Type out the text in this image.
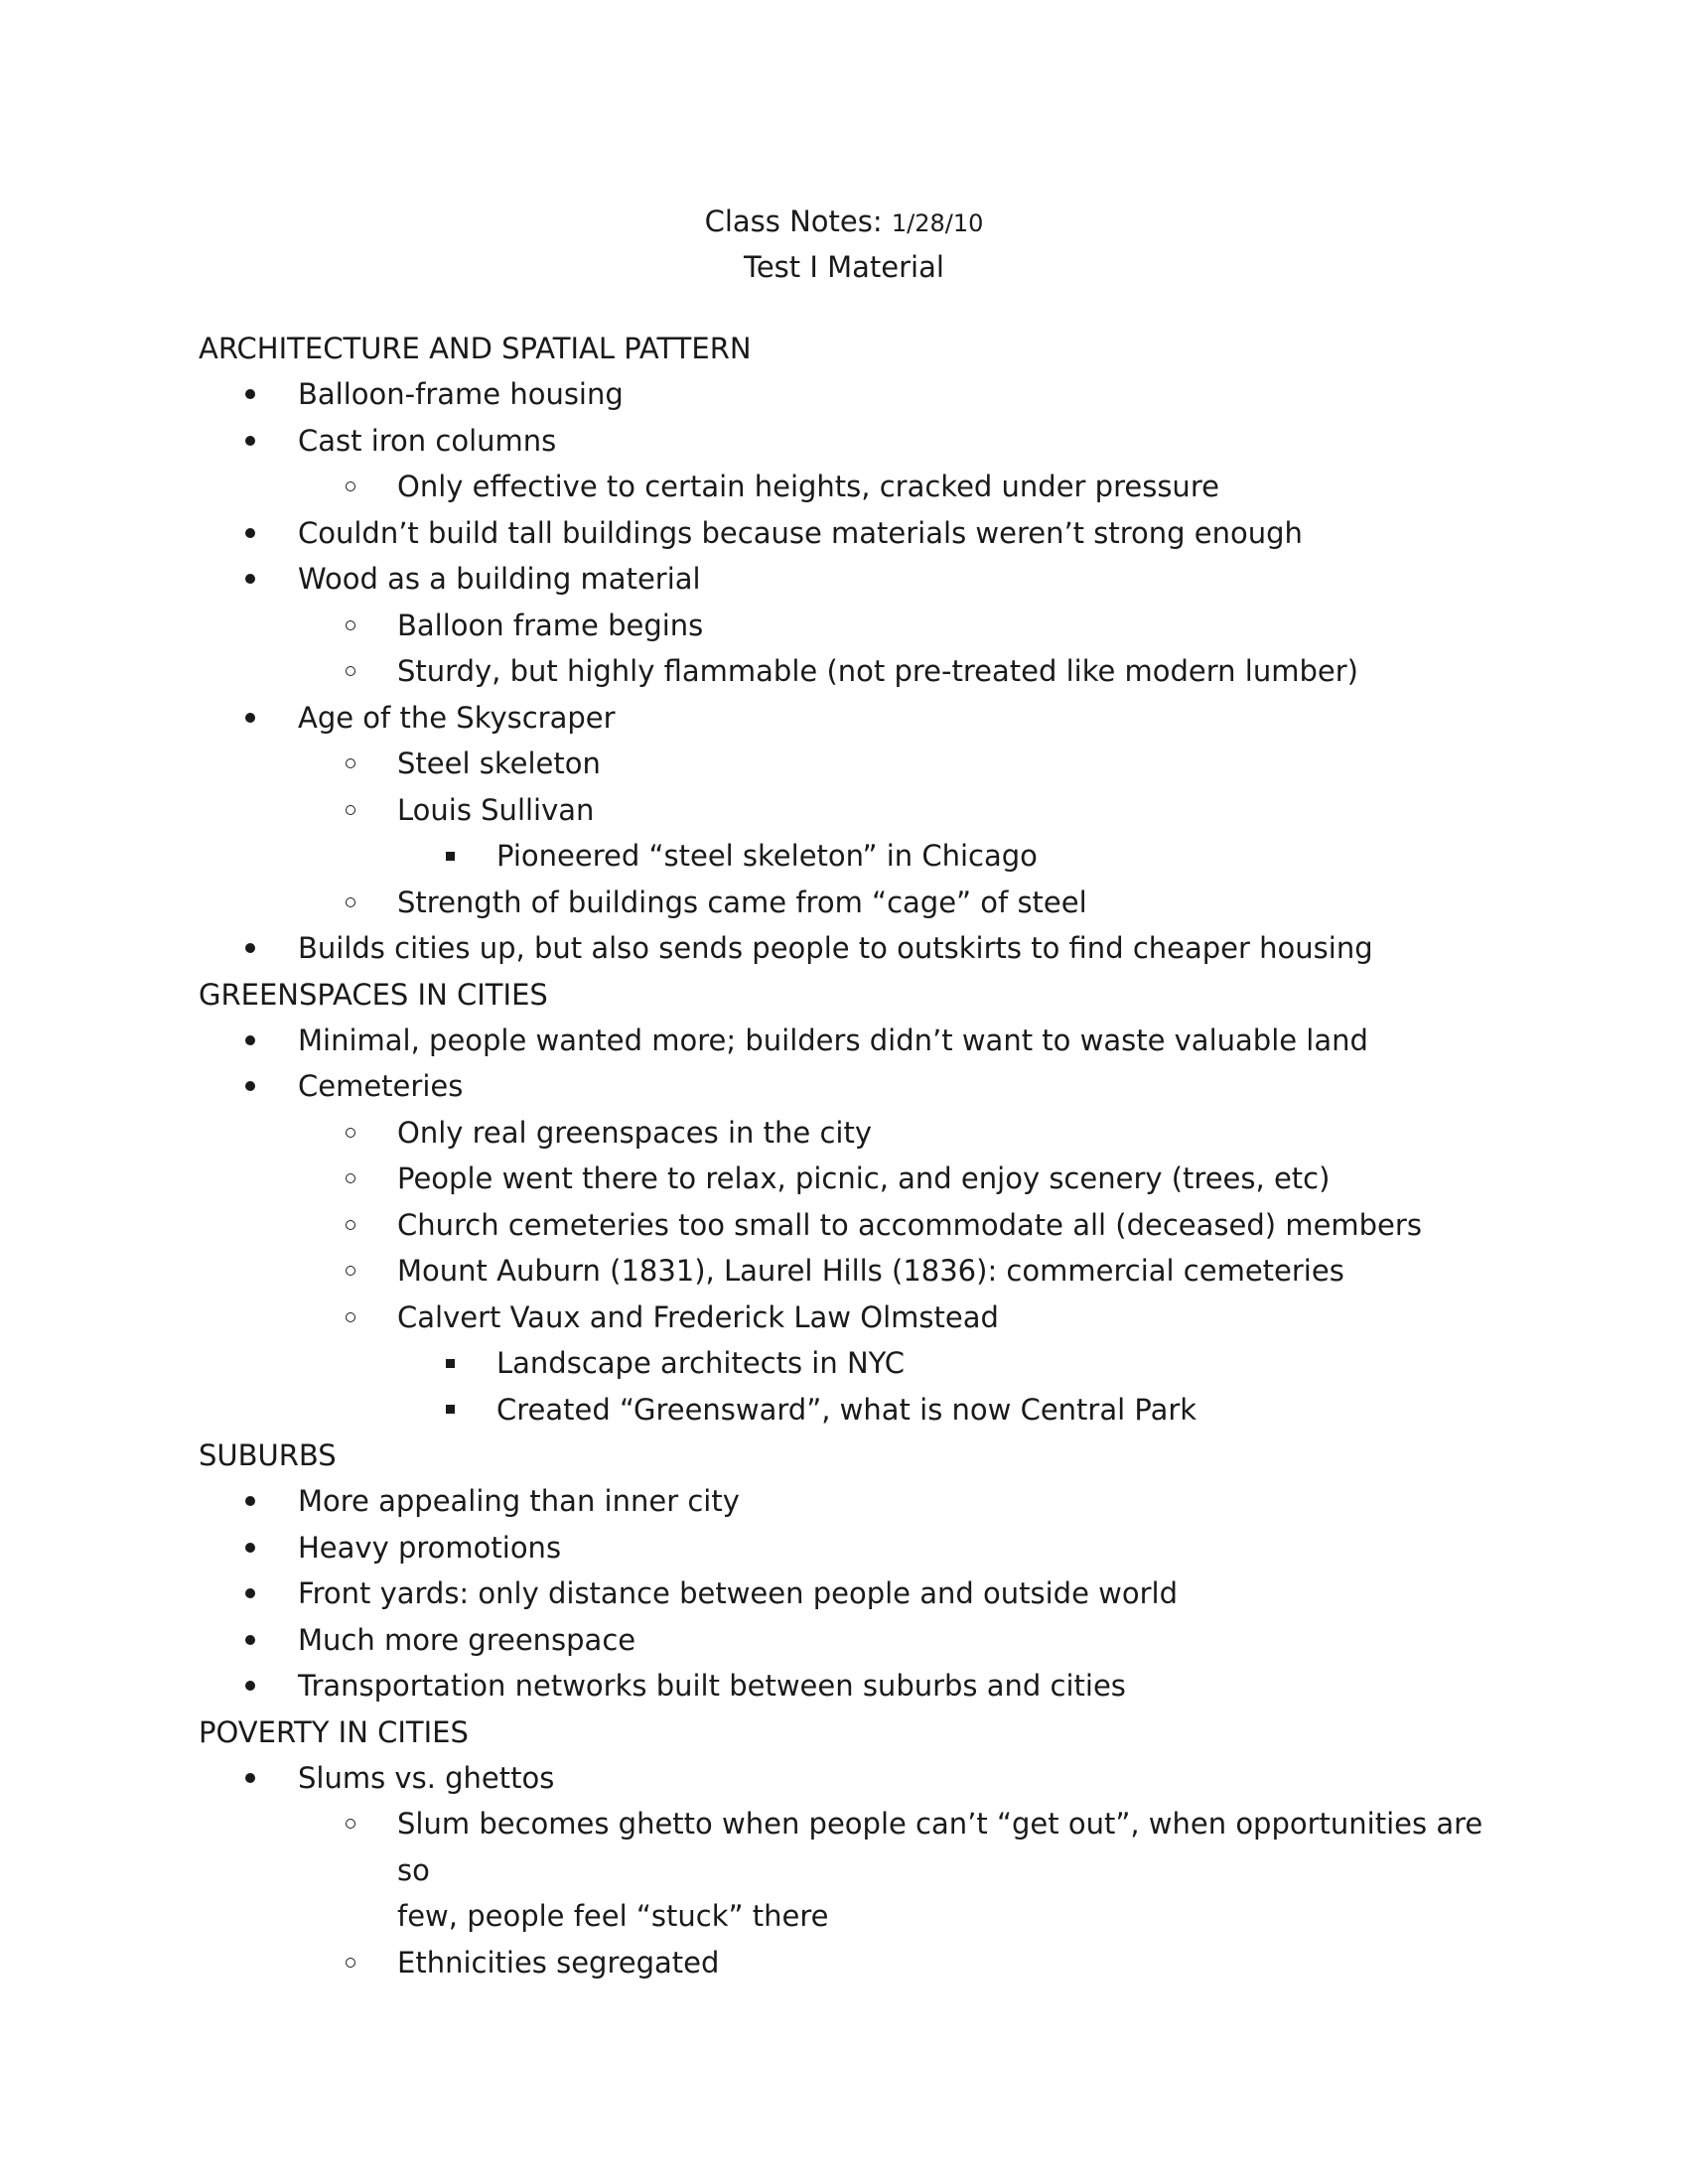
Class Notes: 1/28/10
Test I Material
ARCHITECTURE AND SPATIAL PATTERN
Balloon-frame housing
Cast iron columns
Only effective to certain heights, cracked under pressure
Couldn’t build tall buildings because materials weren’t strong enough
Wood as a building material
Balloon frame begins
Sturdy, but highly flammable (not pre-treated like modern lumber)
Age of the Skyscraper
Steel skeleton
Louis Sullivan
Pioneered “steel skeleton” in Chicago
Strength of buildings came from “cage” of steel
Builds cities up, but also sends people to outskirts to find cheaper housing
GREENSPACES IN CITIES
Minimal, people wanted more; builders didn’t want to waste valuable land
Cemeteries
Only real greenspaces in the city
People went there to relax, picnic, and enjoy scenery (trees, etc)
Church cemeteries too small to accommodate all (deceased) members
Mount Auburn (1831), Laurel Hills (1836): commercial cemeteries
Calvert Vaux and Frederick Law Olmstead
Landscape architects in NYC
Created “Greensward”, what is now Central Park
SUBURBS
More appealing than inner city
Heavy promotions
Front yards: only distance between people and outside world
Much more greenspace
Transportation networks built between suburbs and cities
POVERTY IN CITIES
Slums vs. ghettos
Slum becomes ghetto when people can’t “get out”, when opportunities are so
few, people feel “stuck” there
Ethnicities segregated
